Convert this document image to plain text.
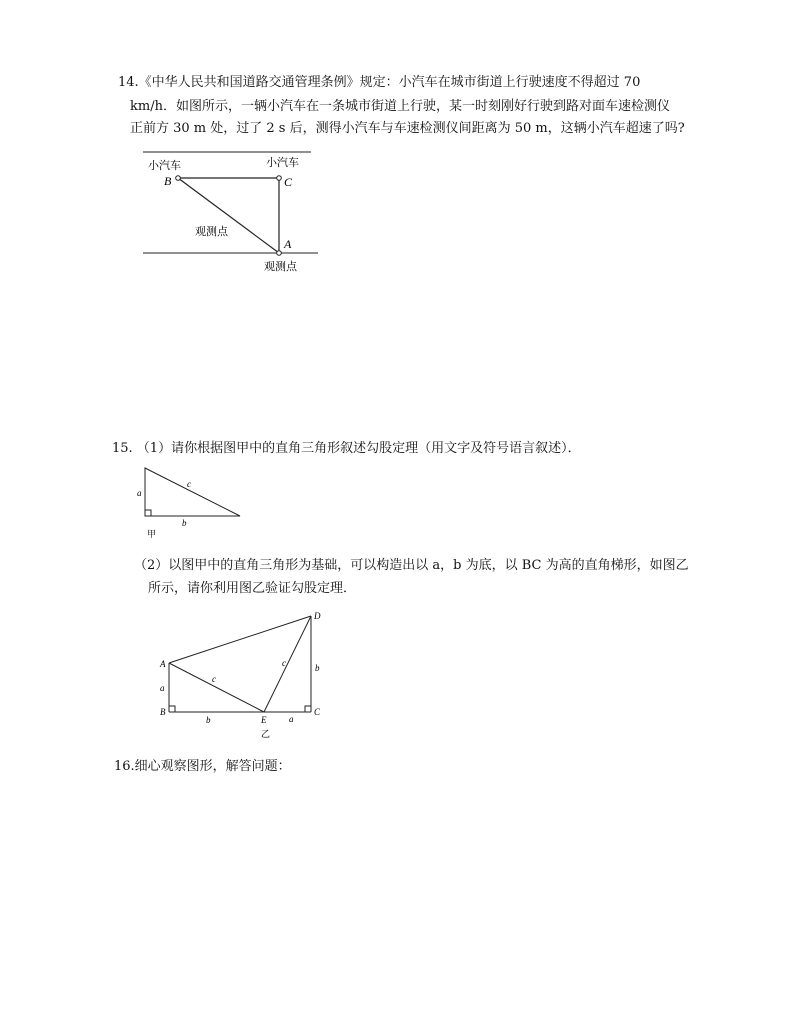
14.《中华人民共和国道路交通管理条例》规定：小汽车在城市街道上行驶速度不得超过 70
km/h．如图所示，一辆小汽车在一条城市街道上行驶，某一时刻刚好行驶到路对面车速检测仪
正前方 30 m 处，过了 2 s 后，测得小汽车与车速检测仪间距离为 50 m，这辆小汽车超速了吗?
小汽车	小汽车
B	C
A
观测点
观测点
15. （1）请你根据图甲中的直角三角形叙述勾股定理（用文字及符号语言叙述）．
a
c
b
甲
（2）以图甲中的直角三角形为基础，可以构造出以 a，b 为底，以 BC 为高的直角梯形，如图乙
所示，请你利用图乙验证勾股定理．
D
A
B	C
E
a
c
c	b
b	a
乙
16.细心观察图形，解答问题：
